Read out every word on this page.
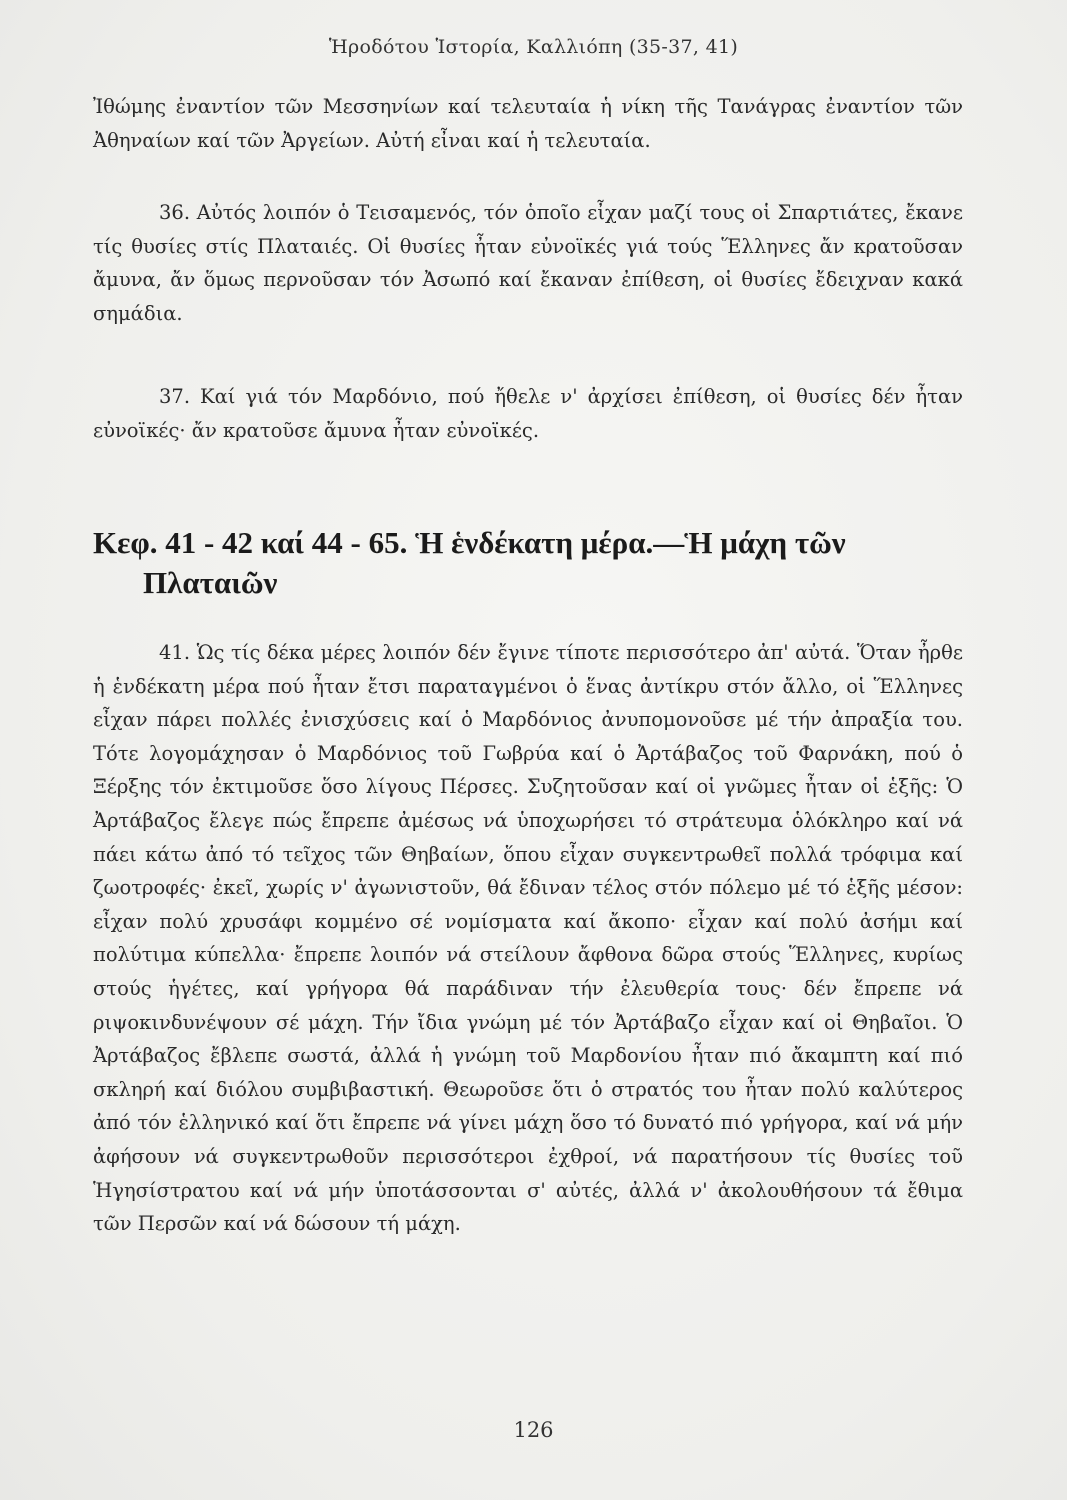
Ἡροδότου Ἱστορία, Καλλιόπη (35-37, 41)

Ἰθώμης ἐναντίον τῶν Μεσσηνίων καί τελευταία ἡ νίκη τῆς Τανάγρας ἐναντίον τῶν Ἀθηναίων καί τῶν Ἀργείων. Αὐτή εἶναι καί ἡ τελευταία.

36. Αὐτός λοιπόν ὁ Τεισαμενός, τόν ὁποῖο εἶχαν μαζί τους οἱ Σπαρτιάτες, ἔκανε τίς θυσίες στίς Πλαταιές. Οἱ θυσίες ἦταν εὐνοϊκές γιά τούς Ἕλληνες ἄν κρατοῦσαν ἄμυνα, ἄν ὅμως περνοῦσαν τόν Ἀσωπό καί ἔκαναν ἐπίθεση, οἱ θυσίες ἔδειχναν κακά σημάδια.

37. Καί γιά τόν Μαρδόνιο, πού ἤθελε ν' ἀρχίσει ἐπίθεση, οἱ θυσίες δέν ἦταν εὐνοϊκές· ἄν κρατοῦσε ἄμυνα ἦταν εὐνοϊκές.

Κεφ. 41 - 42 καί 44 - 65. Ἡ ἑνδέκατη μέρα.—Ἡ μάχη τῶν
Πλαταιῶν

41. Ὡς τίς δέκα μέρες λοιπόν δέν ἔγινε τίποτε περισσότερο ἀπ' αὐτά. Ὅταν ἦρθε ἡ ἑνδέκατη μέρα πού ἦταν ἔτσι παραταγμένοι ὁ ἕνας ἀντίκρυ στόν ἄλλο, οἱ Ἕλληνες εἶχαν πάρει πολλές ἐνισχύσεις καί ὁ Μαρδόνιος ἀνυπομονοῦσε μέ τήν ἀπραξία του. Τότε λογομάχησαν ὁ Μαρδόνιος τοῦ Γωβρύα καί ὁ Ἀρτάβαζος τοῦ Φαρνάκη, πού ὁ Ξέρξης τόν ἐκτιμοῦσε ὅσο λίγους Πέρσες. Συζητοῦσαν καί οἱ γνῶμες ἦταν οἱ ἑξῆς: Ὁ Ἀρτάβαζος ἔλεγε πώς ἔπρεπε ἀμέσως νά ὑποχωρήσει τό στράτευμα ὁλόκληρο καί νά πάει κάτω ἀπό τό τεῖχος τῶν Θηβαίων, ὅπου εἶχαν συγκεντρωθεῖ πολλά τρόφιμα καί ζωοτροφές· ἐκεῖ, χωρίς ν' ἀγωνιστοῦν, θά ἔδιναν τέλος στόν πόλεμο μέ τό ἑξῆς μέσον: εἶχαν πολύ χρυσάφι κομμένο σέ νομίσματα καί ἄκοπο· εἶχαν καί πολύ ἀσήμι καί πολύτιμα κύπελλα· ἔπρεπε λοιπόν νά στείλουν ἄφθονα δῶρα στούς Ἕλληνες, κυρίως στούς ἡγέτες, καί γρήγορα θά παράδιναν τήν ἐλευθερία τους· δέν ἔπρεπε νά ριψοκινδυνέψουν σέ μάχη. Τήν ἴδια γνώμη μέ τόν Ἀρτάβαζο εἶχαν καί οἱ Θηβαῖοι. Ὁ Ἀρτάβαζος ἔβλεπε σωστά, ἀλλά ἡ γνώμη τοῦ Μαρδονίου ἦταν πιό ἄκαμπτη καί πιό σκληρή καί διόλου συμβιβαστική. Θεωροῦσε ὅτι ὁ στρατός του ἦταν πολύ καλύτερος ἀπό τόν ἑλληνικό καί ὅτι ἔπρεπε νά γίνει μάχη ὅσο τό δυνατό πιό γρήγορα, καί νά μήν ἀφήσουν νά συγκεντρωθοῦν περισσότεροι ἐχθροί, νά παρατήσουν τίς θυσίες τοῦ Ἡγησίστρατου καί νά μήν ὑποτάσσονται σ' αὐτές, ἀλλά ν' ἀκολουθήσουν τά ἔθιμα τῶν Περσῶν καί νά δώσουν τή μάχη.

126
